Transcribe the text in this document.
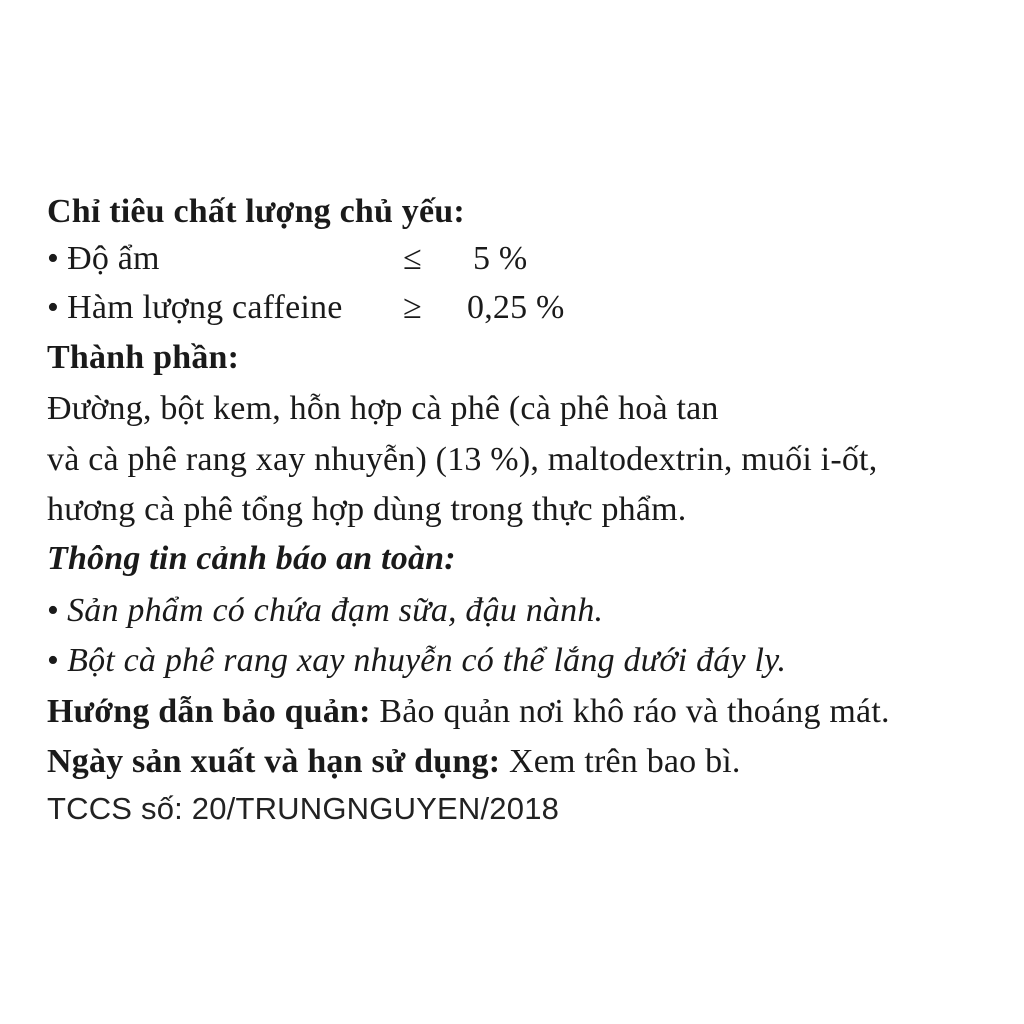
Chỉ tiêu chất lượng chủ yếu:
• Độ ẩm	≤ 5 %
• Hàm lượng caffeine ≥ 0,25 %
Thành phần:
Đường, bột kem, hỗn hợp cà phê (cà phê hoà tan
và cà phê rang xay nhuyễn) (13 %), maltodextrin, muối i-ốt,
hương cà phê tổng hợp dùng trong thực phẩm.
Thông tin cảnh báo an toàn:
• Sản phẩm có chứa đạm sữa, đậu nành.
• Bột cà phê rang xay nhuyễn có thể lắng dưới đáy ly.
Hướng dẫn bảo quản: Bảo quản nơi khô ráo và thoáng mát.
Ngày sản xuất và hạn sử dụng: Xem trên bao bì.
TCCS số: 20/TRUNGNGUYEN/2018
